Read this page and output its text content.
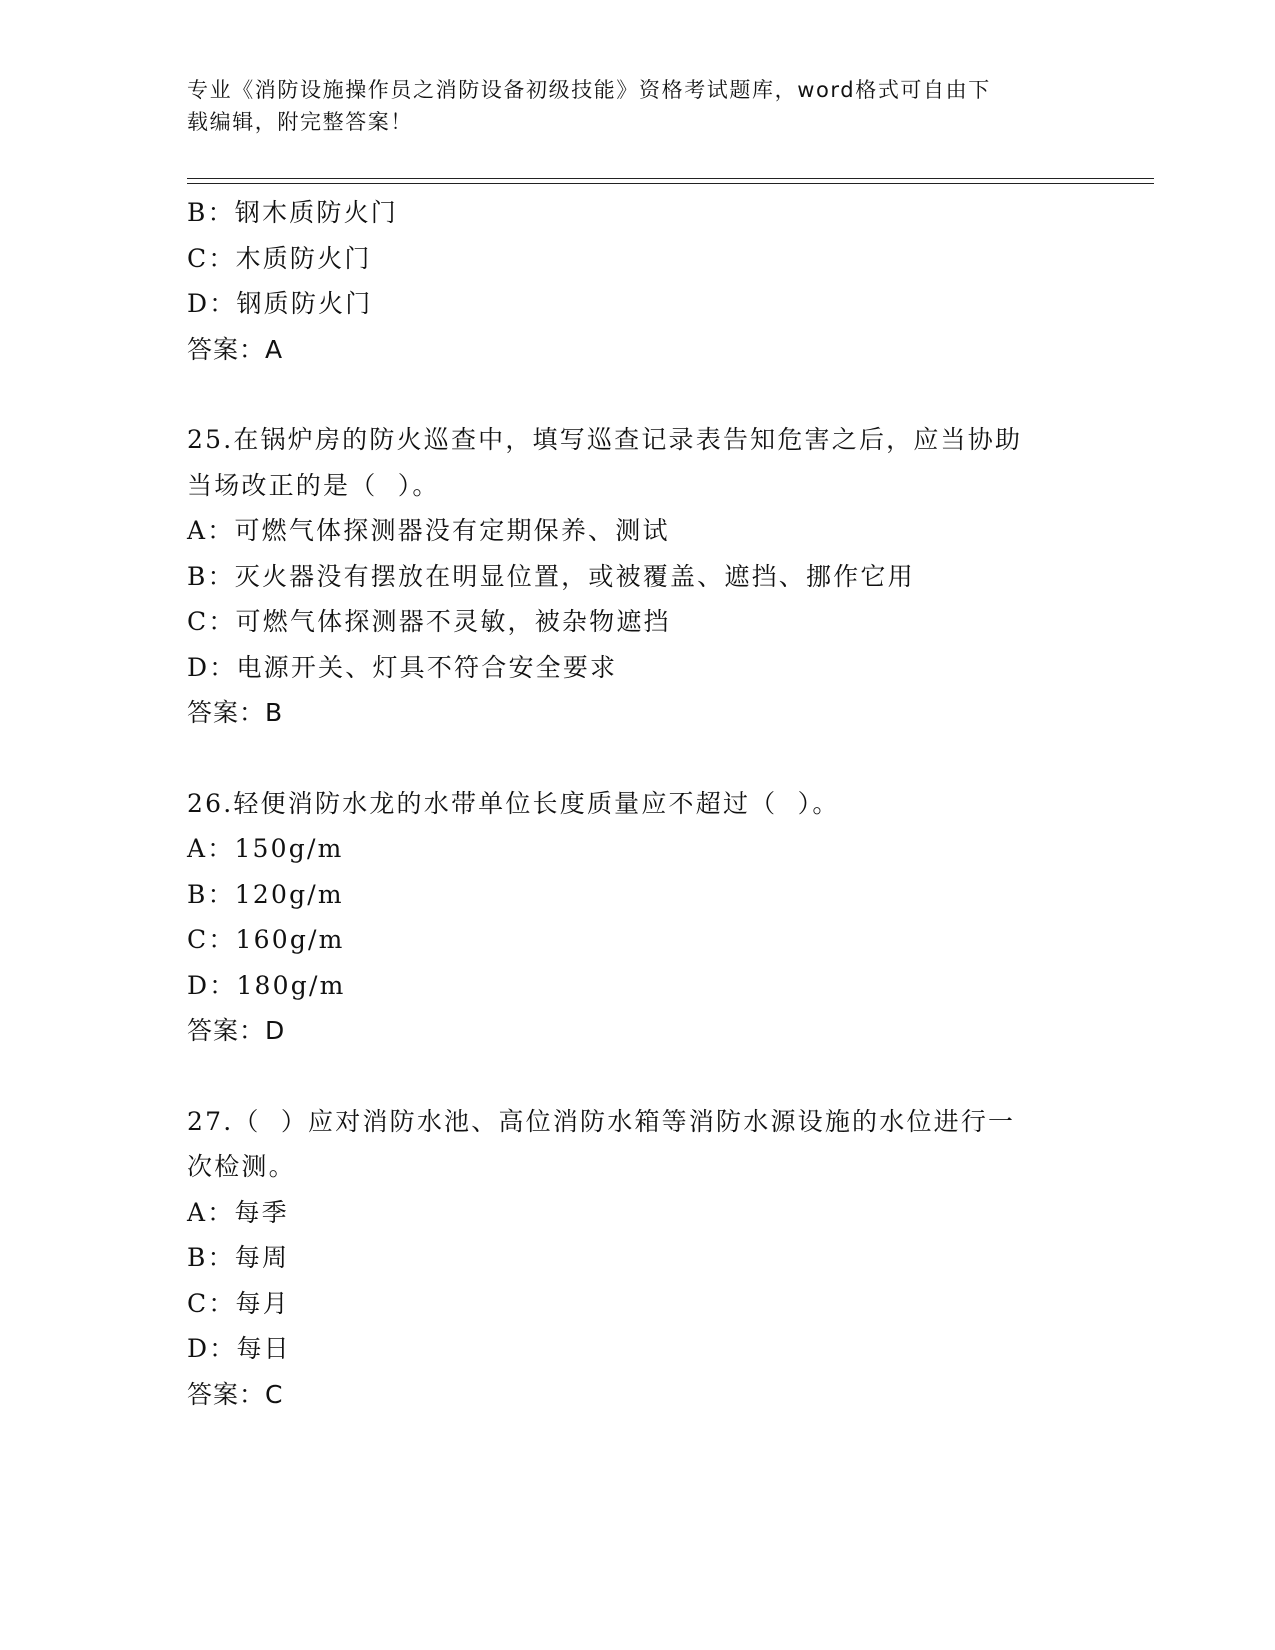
专业《消防设施操作员之消防设备初级技能》资格考试题库，word格式可自由下
载编辑，附完整答案！
B：钢木质防火门
C：木质防火门
D：钢质防火门
答案：A
25.在锅炉房的防火巡查中，填写巡查记录表告知危害之后，应当协助
当场改正的是（  ）。
A：可燃气体探测器没有定期保养、测试
B：灭火器没有摆放在明显位置，或被覆盖、遮挡、挪作它用
C：可燃气体探测器不灵敏，被杂物遮挡
D：电源开关、灯具不符合安全要求
答案：B
26.轻便消防水龙的水带单位长度质量应不超过（  ）。
A：150g/m
B：120g/m
C：160g/m
D：180g/m
答案：D
27.（  ）应对消防水池、高位消防水箱等消防水源设施的水位进行一
次检测。
A：每季
B：每周
C：每月
D：每日
答案：C
